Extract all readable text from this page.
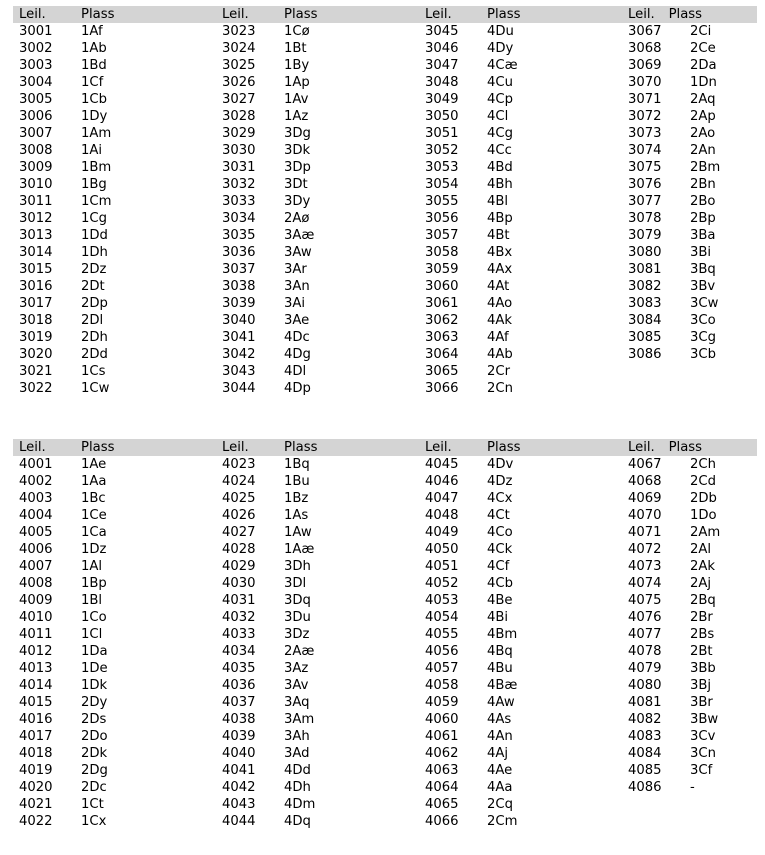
Leil.	Plass	Leil.	Plass	Leil.	Plass	Leil.	Plass
3001	1Af
3002	1Ab
3003	1Bd
3004	1Cf
3005	1Cb
3006	1Dy
3007	1Am
3008	1Ai
3009	1Bm
3010	1Bg
3011	1Cm
3012	1Cg
3013	1Dd
3014	1Dh
3015	2Dz
3016	2Dt
3017	2Dp
3018	2Dl
3019	2Dh
3020	2Dd
3021	1Cs
3022	1Cw
3023	1Cø
3024	1Bt
3025	1By
3026	1Ap
3027	1Av
3028	1Az
3029	3Dg
3030	3Dk
3031	3Dp
3032	3Dt
3033	3Dy
3034	2Aø
3035	3Aæ
3036	3Aw
3037	3Ar
3038	3An
3039	3Ai
3040	3Ae
3041	4Dc
3042	4Dg
3043	4Dl
3044	4Dp
3045	4Du
3046	4Dy
3047	4Cæ
3048	4Cu
3049	4Cp
3050	4Cl
3051	4Cg
3052	4Cc
3053	4Bd
3054	4Bh
3055	4Bl
3056	4Bp
3057	4Bt
3058	4Bx
3059	4Ax
3060	4At
3061	4Ao
3062	4Ak
3063	4Af
3064	4Ab
3065	2Cr
3066	2Cn
3067	2Ci
3068	2Ce
3069	2Da
3070	1Dn
3071	2Aq
3072	2Ap
3073	2Ao
3074	2An
3075	2Bm
3076	2Bn
3077	2Bo
3078	2Bp
3079	3Ba
3080	3Bi
3081	3Bq
3082	3Bv
3083	3Cw
3084	3Co
3085	3Cg
3086	3Cb
Leil.	Plass	Leil.	Plass	Leil.	Plass	Leil.	Plass
4001	1Ae
4002	1Aa
4003	1Bc
4004	1Ce
4005	1Ca
4006	1Dz
4007	1Al
4008	1Bp
4009	1Bl
4010	1Co
4011	1Cl
4012	1Da
4013	1De
4014	1Dk
4015	2Dy
4016	2Ds
4017	2Do
4018	2Dk
4019	2Dg
4020	2Dc
4021	1Ct
4022	1Cx
4023	1Bq
4024	1Bu
4025	1Bz
4026	1As
4027	1Aw
4028	1Aæ
4029	3Dh
4030	3Dl
4031	3Dq
4032	3Du
4033	3Dz
4034	2Aæ
4035	3Az
4036	3Av
4037	3Aq
4038	3Am
4039	3Ah
4040	3Ad
4041	4Dd
4042	4Dh
4043	4Dm
4044	4Dq
4045	4Dv
4046	4Dz
4047	4Cx
4048	4Ct
4049	4Co
4050	4Ck
4051	4Cf
4052	4Cb
4053	4Be
4054	4Bi
4055	4Bm
4056	4Bq
4057	4Bu
4058	4Bæ
4059	4Aw
4060	4As
4061	4An
4062	4Aj
4063	4Ae
4064	4Aa
4065	2Cq
4066	2Cm
4067	2Ch
4068	2Cd
4069	2Db
4070	1Do
4071	2Am
4072	2Al
4073	2Ak
4074	2Aj
4075	2Bq
4076	2Br
4077	2Bs
4078	2Bt
4079	3Bb
4080	3Bj
4081	3Br
4082	3Bw
4083	3Cv
4084	3Cn
4085	3Cf
4086	-
